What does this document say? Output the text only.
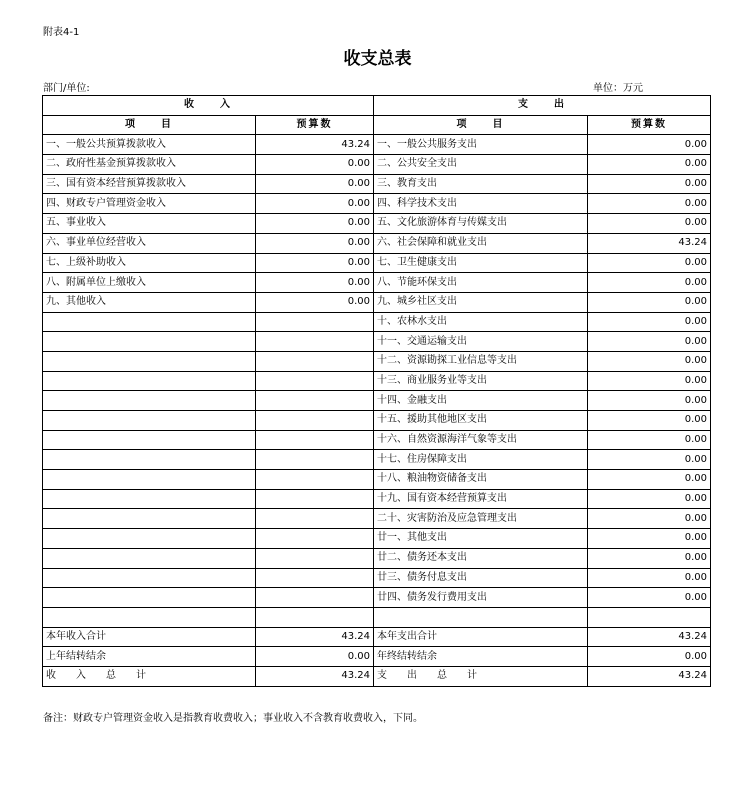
附表4-1
收支总表
部门/单位:	单位：万元
收　　入		支　　出	
项　　目	预算数	项　　目	预算数
一、一般公共预算拨款收入	43.24	一、一般公共服务支出	0.00
二、政府性基金预算拨款收入	0.00	二、公共安全支出	0.00
三、国有资本经营预算拨款收入	0.00	三、教育支出	0.00
四、财政专户管理资金收入	0.00	四、科学技术支出	0.00
五、事业收入	0.00	五、文化旅游体育与传媒支出	0.00
六、事业单位经营收入	0.00	六、社会保障和就业支出	43.24
七、上级补助收入	0.00	七、卫生健康支出	0.00
八、附属单位上缴收入	0.00	八、节能环保支出	0.00
九、其他收入	0.00	九、城乡社区支出	0.00
		十、农林水支出	0.00
		十一、交通运输支出	0.00
		十二、资源勘探工业信息等支出	0.00
		十三、商业服务业等支出	0.00
		十四、金融支出	0.00
		十五、援助其他地区支出	0.00
		十六、自然资源海洋气象等支出	0.00
		十七、住房保障支出	0.00
		十八、粮油物资储备支出	0.00
		十九、国有资本经营预算支出	0.00
		二十、灾害防治及应急管理支出	0.00
		廿一、其他支出	0.00
		廿二、债务还本支出	0.00
		廿三、债务付息支出	0.00
		廿四、债务发行费用支出	0.00

本年收入合计	43.24	本年支出合计	43.24
上年结转结余	0.00	年终结转结余	0.00
收　　入　　总　　计	43.24	支　　出　　总　　计	43.24
备注：财政专户管理资金收入是指教育收费收入；事业收入不含教育收费收入，下同。
